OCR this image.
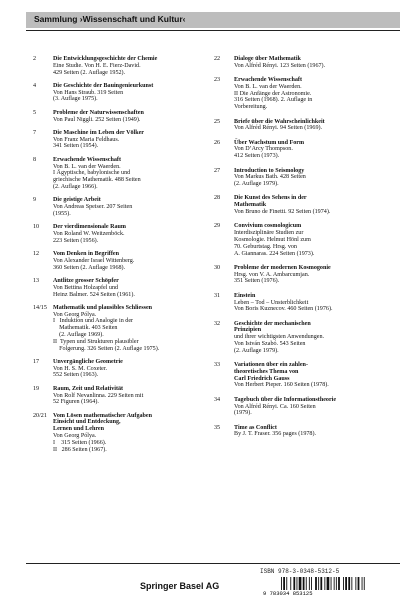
Sammlung ›Wissenschaft und Kultur‹
2	Die Entwicklungsgeschichte der Chemie
Eine Studie. Von H. E. Fierz-David.
429 Seiten (2. Auflage 1952).
4	Die Geschichte der Bauingenieurkunst
Von Hans Straub. 319 Seiten
(3. Auflage 1975).
5	Probleme der Naturwissenschaften
Von Paul Niggli. 252 Seiten (1949).
7	Die Maschine im Leben der Völker
Von Franz Maria Feldhaus.
341 Seiten (1954).
8	Erwachende Wissenschaft
Von B. L. van der Waerden.
I Ägyptische, babylonische und
griechische Mathematik. 488 Seiten
(2. Auflage 1966).
9	Die geistige Arbeit
Von Andreas Speiser. 207 Seiten
(1955).
10	Der vierdimensionale Raum
Von Roland W. Weitzenböck.
223 Seiten (1956).
12	Vom Denken in Begriffen
Von Alexander Israel Wittenberg.
360 Seiten (2. Auflage 1968).
13	Antlitze grosser Schöpfer
Von Bettina Holzapfel und
Heinz Balmer. 524 Seiten (1961).
14/15	Mathematik und plausibles Schliessen
Von Georg Pólya.
I   Induktion und Analogie in der
Mathematik. 403 Seiten
(2. Auflage 1969).
II  Typen und Strukturen plausibler
Folgerung. 326 Seiten (2. Auflage 1975).
17	Unvergängliche Geometrie
Von H. S. M. Coxeter.
552 Seiten (1963).
19	Raum, Zeit und Relativität
Von Rolf Nevanlinna. 229 Seiten mit
52 Figuren (1964).
20/21	Vom Lösen mathematischer Aufgaben
Einsicht und Entdeckung,
Lernen und Lehren
Von Georg Pólya.
I    315 Seiten (1966).
II   286 Seiten (1967).
22	Dialoge über Mathematik
Von Alfréd Rényi. 123 Seiten (1967).
23	Erwachende Wissenschaft
Von B. L. van der Waerden.
II Die Anfänge der Astronomie.
316 Seiten (1968). 2. Auflage in
Vorbereitung.
25	Briefe über die Wahrscheinlichkeit
Von Alfréd Rényi. 94 Seiten (1969).
26	Über Wachstum und Form
Von D’Arcy Thompson.
412 Seiten (1973).
27	Introduction to Seismology
Von Markus Bath. 428 Seiten
(2. Auflage 1979).
28	Die Kunst des Sehens in der
Mathematik
Von Bruno de Finetti. 92 Seiten (1974).
29	Convivium cosmologicum
Interdisziplinäre Studien zur
Kosmologie. Helmut Hönl zum
70. Geburtstag. Hrsg. von
A. Giannaras. 224 Seiten (1973).
30	Probleme der modernen Kosmogonie
Hrsg. von V. A. Ambarcumjan.
351 Seiten (1976).
31	Einstein
Leben – Tod – Unsterblichkeit
Von Boris Kuznecov. 460 Seiten (1976).
32	Geschichte der mechanischen
Prinzipien
und ihrer wichtigsten Anwendungen.
Von István Szabó. 543 Seiten
(2. Auflage 1979).
33	Variationen über ein zahlen-
theoretisches Thema von
Carl Friedrich Gauss
Von Herbert Pieper. 160 Seiten (1978).
34	Tagebuch über die Informationstheorie
Von Alfréd Rényi. Ca. 160 Seiten
(1979).
35	Time as Conflict
By J. T. Fraser. 356 pages (1978).
ISBN 978-3-0348-5312-5
9 783034 853125
Springer Basel AG
